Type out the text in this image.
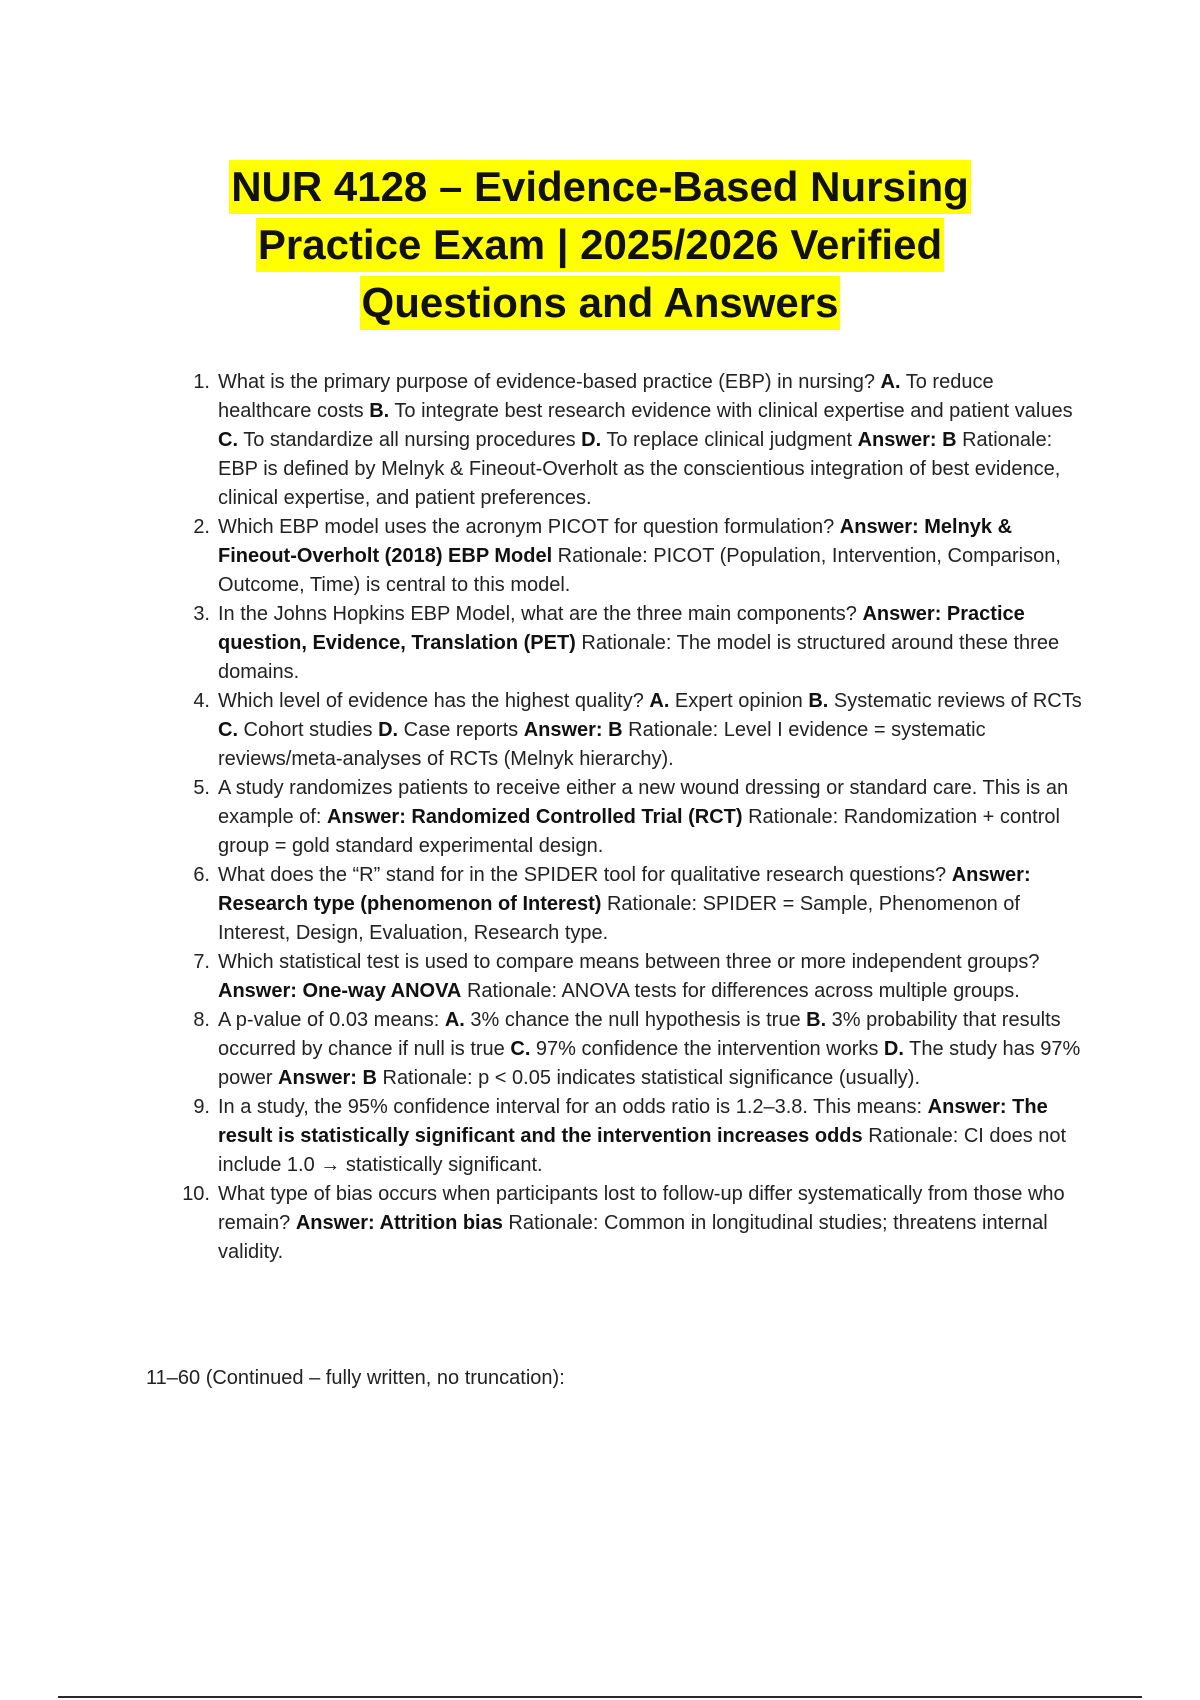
NUR 4128 – Evidence-Based Nursing
Practice Exam | 2025/2026 Verified
Questions and Answers
1. What is the primary purpose of evidence-based practice (EBP) in nursing? A. To reduce healthcare costs B. To integrate best research evidence with clinical expertise and patient values C. To standardize all nursing procedures D. To replace clinical judgment Answer: B Rationale: EBP is defined by Melnyk & Fineout-Overholt as the conscientious integration of best evidence, clinical expertise, and patient preferences.
2. Which EBP model uses the acronym PICOT for question formulation? Answer: Melnyk & Fineout-Overholt (2018) EBP Model Rationale: PICOT (Population, Intervention, Comparison, Outcome, Time) is central to this model.
3. In the Johns Hopkins EBP Model, what are the three main components? Answer: Practice question, Evidence, Translation (PET) Rationale: The model is structured around these three domains.
4. Which level of evidence has the highest quality? A. Expert opinion B. Systematic reviews of RCTs C. Cohort studies D. Case reports Answer: B Rationale: Level I evidence = systematic reviews/meta-analyses of RCTs (Melnyk hierarchy).
5. A study randomizes patients to receive either a new wound dressing or standard care. This is an example of: Answer: Randomized Controlled Trial (RCT) Rationale: Randomization + control group = gold standard experimental design.
6. What does the “R” stand for in the SPIDER tool for qualitative research questions? Answer: Research type (phenomenon of Interest) Rationale: SPIDER = Sample, Phenomenon of Interest, Design, Evaluation, Research type.
7. Which statistical test is used to compare means between three or more independent groups? Answer: One-way ANOVA Rationale: ANOVA tests for differences across multiple groups.
8. A p-value of 0.03 means: A. 3% chance the null hypothesis is true B. 3% probability that results occurred by chance if null is true C. 97% confidence the intervention works D. The study has 97% power Answer: B Rationale: p < 0.05 indicates statistical significance (usually).
9. In a study, the 95% confidence interval for an odds ratio is 1.2–3.8. This means: Answer: The result is statistically significant and the intervention increases odds Rationale: CI does not include 1.0 → statistically significant.
10. What type of bias occurs when participants lost to follow-up differ systematically from those who remain? Answer: Attrition bias Rationale: Common in longitudinal studies; threatens internal validity.
11–60 (Continued – fully written, no truncation):
